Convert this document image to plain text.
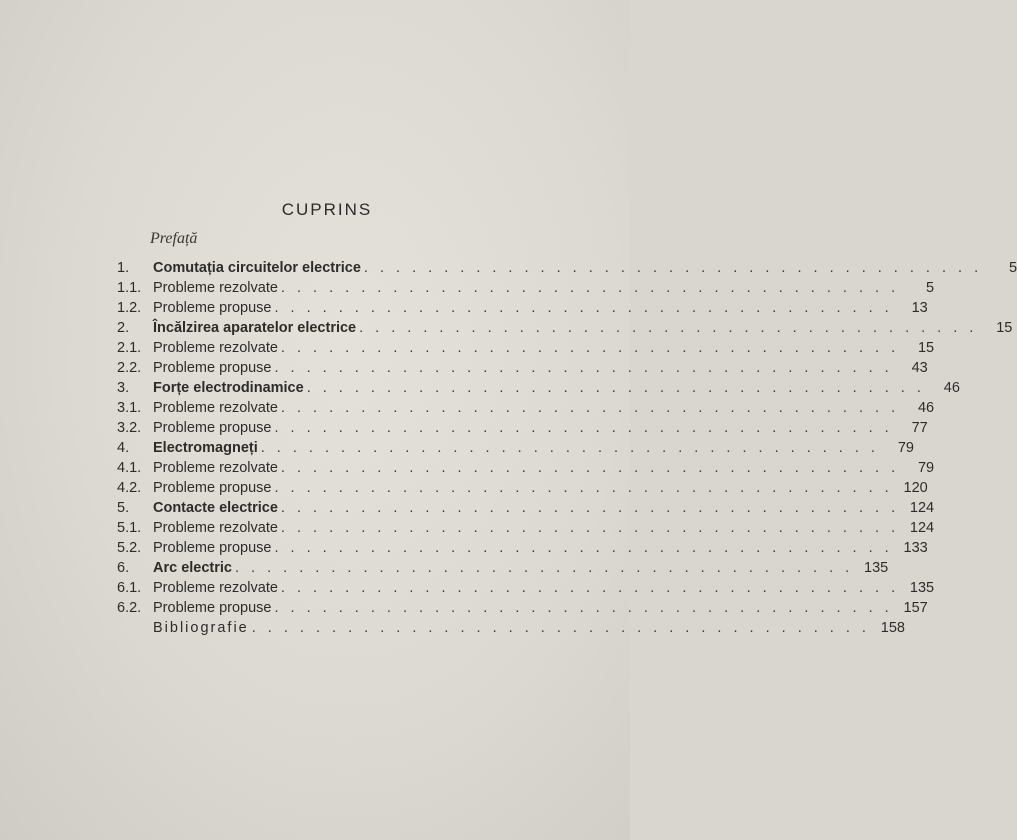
CUPRINS
Prefață
1.	Comutația circuitelor electrice . . . . . . . . . . . . . . . . . . . . . . . . . . . . . . . . . . . . . . .	5
1.1. Probleme rezolvate . . . . . . . . . . . . . . . . . . . . . . . . . . . . . . . . . . . . . . .	5
1.2. Probleme propuse . . . . . . . . . . . . . . . . . . . . . . . . . . . . . . . . . . . . . . .	13
2.	Încălzirea aparatelor electrice . . . . . . . . . . . . . . . . . . . . . . . . . . . . . . . . . . . . . . .	15
2.1. Probleme rezolvate . . . . . . . . . . . . . . . . . . . . . . . . . . . . . . . . . . . . . . .	15
2.2. Probleme propuse . . . . . . . . . . . . . . . . . . . . . . . . . . . . . . . . . . . . . . .	43
3.	Forțe electrodinamice . . . . . . . . . . . . . . . . . . . . . . . . . . . . . . . . . . . . . . .	46
3.1. Probleme rezolvate . . . . . . . . . . . . . . . . . . . . . . . . . . . . . . . . . . . . . . .	46
3.2. Probleme propuse . . . . . . . . . . . . . . . . . . . . . . . . . . . . . . . . . . . . . . .	77
4.	Electromagneți . . . . . . . . . . . . . . . . . . . . . . . . . . . . . . . . . . . . . . .	79
4.1. Probleme rezolvate . . . . . . . . . . . . . . . . . . . . . . . . . . . . . . . . . . . . . . .	79
4.2. Probleme propuse . . . . . . . . . . . . . . . . . . . . . . . . . . . . . . . . . . . . . . . 120
5.	Contacte electrice . . . . . . . . . . . . . . . . . . . . . . . . . . . . . . . . . . . . . . . 124
5.1. Probleme rezolvate . . . . . . . . . . . . . . . . . . . . . . . . . . . . . . . . . . . . . . . 124
5.2. Probleme propuse . . . . . . . . . . . . . . . . . . . . . . . . . . . . . . . . . . . . . . . 133
6.	Arc electric . . . . . . . . . . . . . . . . . . . . . . . . . . . . . . . . . . . . . . . 135
6.1. Probleme rezolvate . . . . . . . . . . . . . . . . . . . . . . . . . . . . . . . . . . . . . . . 135
6.2. Probleme propuse . . . . . . . . . . . . . . . . . . . . . . . . . . . . . . . . . . . . . . . 157
Bibliografie . . . . . . . . . . . . . . . . . . . . . . . . . . . . . . . . . . . . . . . 158
